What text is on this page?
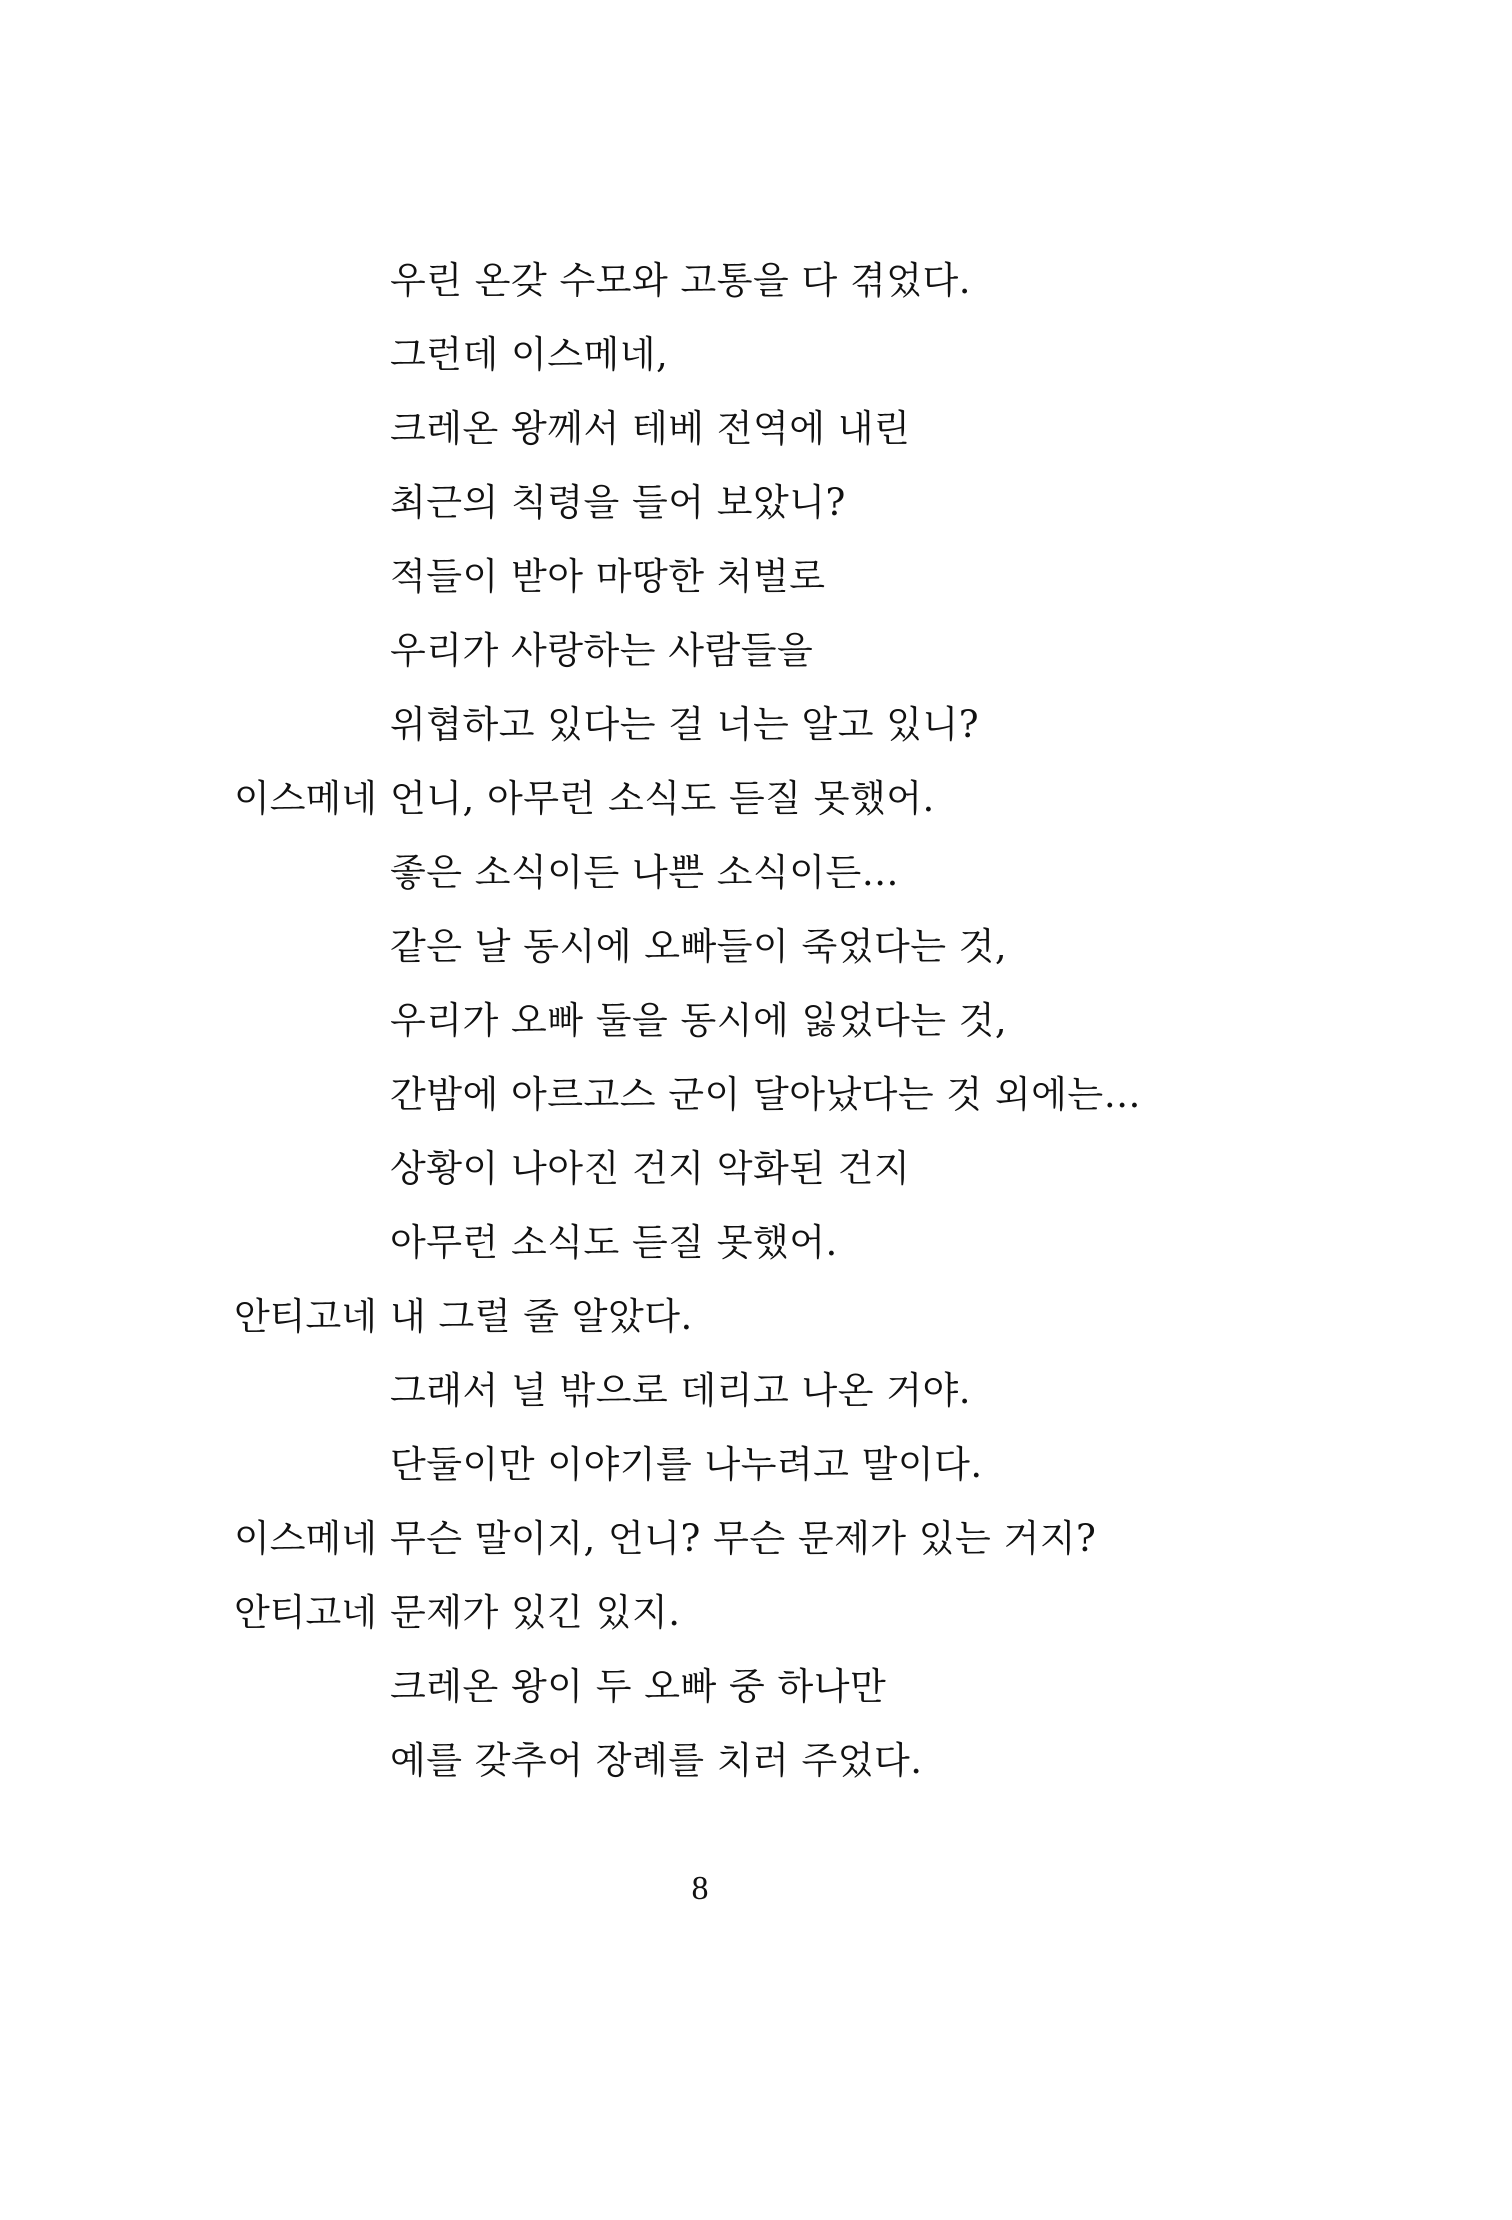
우린 온갖 수모와 고통을 다 겪었다.
그런데 이스메네,
크레온 왕께서 테베 전역에 내린
최근의 칙령을 들어 보았니?
적들이 받아 마땅한 처벌로
우리가 사랑하는 사람들을
위협하고 있다는 걸 너는 알고 있니?
이스메네 언니, 아무런 소식도 듣질 못했어.
좋은 소식이든 나쁜 소식이든…
같은 날 동시에 오빠들이 죽었다는 것,
우리가 오빠 둘을 동시에 잃었다는 것,
간밤에 아르고스 군이 달아났다는 것 외에는…
상황이 나아진 건지 악화된 건지
아무런 소식도 듣질 못했어.
안티고네 내 그럴 줄 알았다.
그래서 널 밖으로 데리고 나온 거야.
단둘이만 이야기를 나누려고 말이다.
이스메네 무슨 말이지, 언니? 무슨 문제가 있는 거지?
안티고네 문제가 있긴 있지.
크레온 왕이 두 오빠 중 하나만
예를 갖추어 장례를 치러 주었다.
8
